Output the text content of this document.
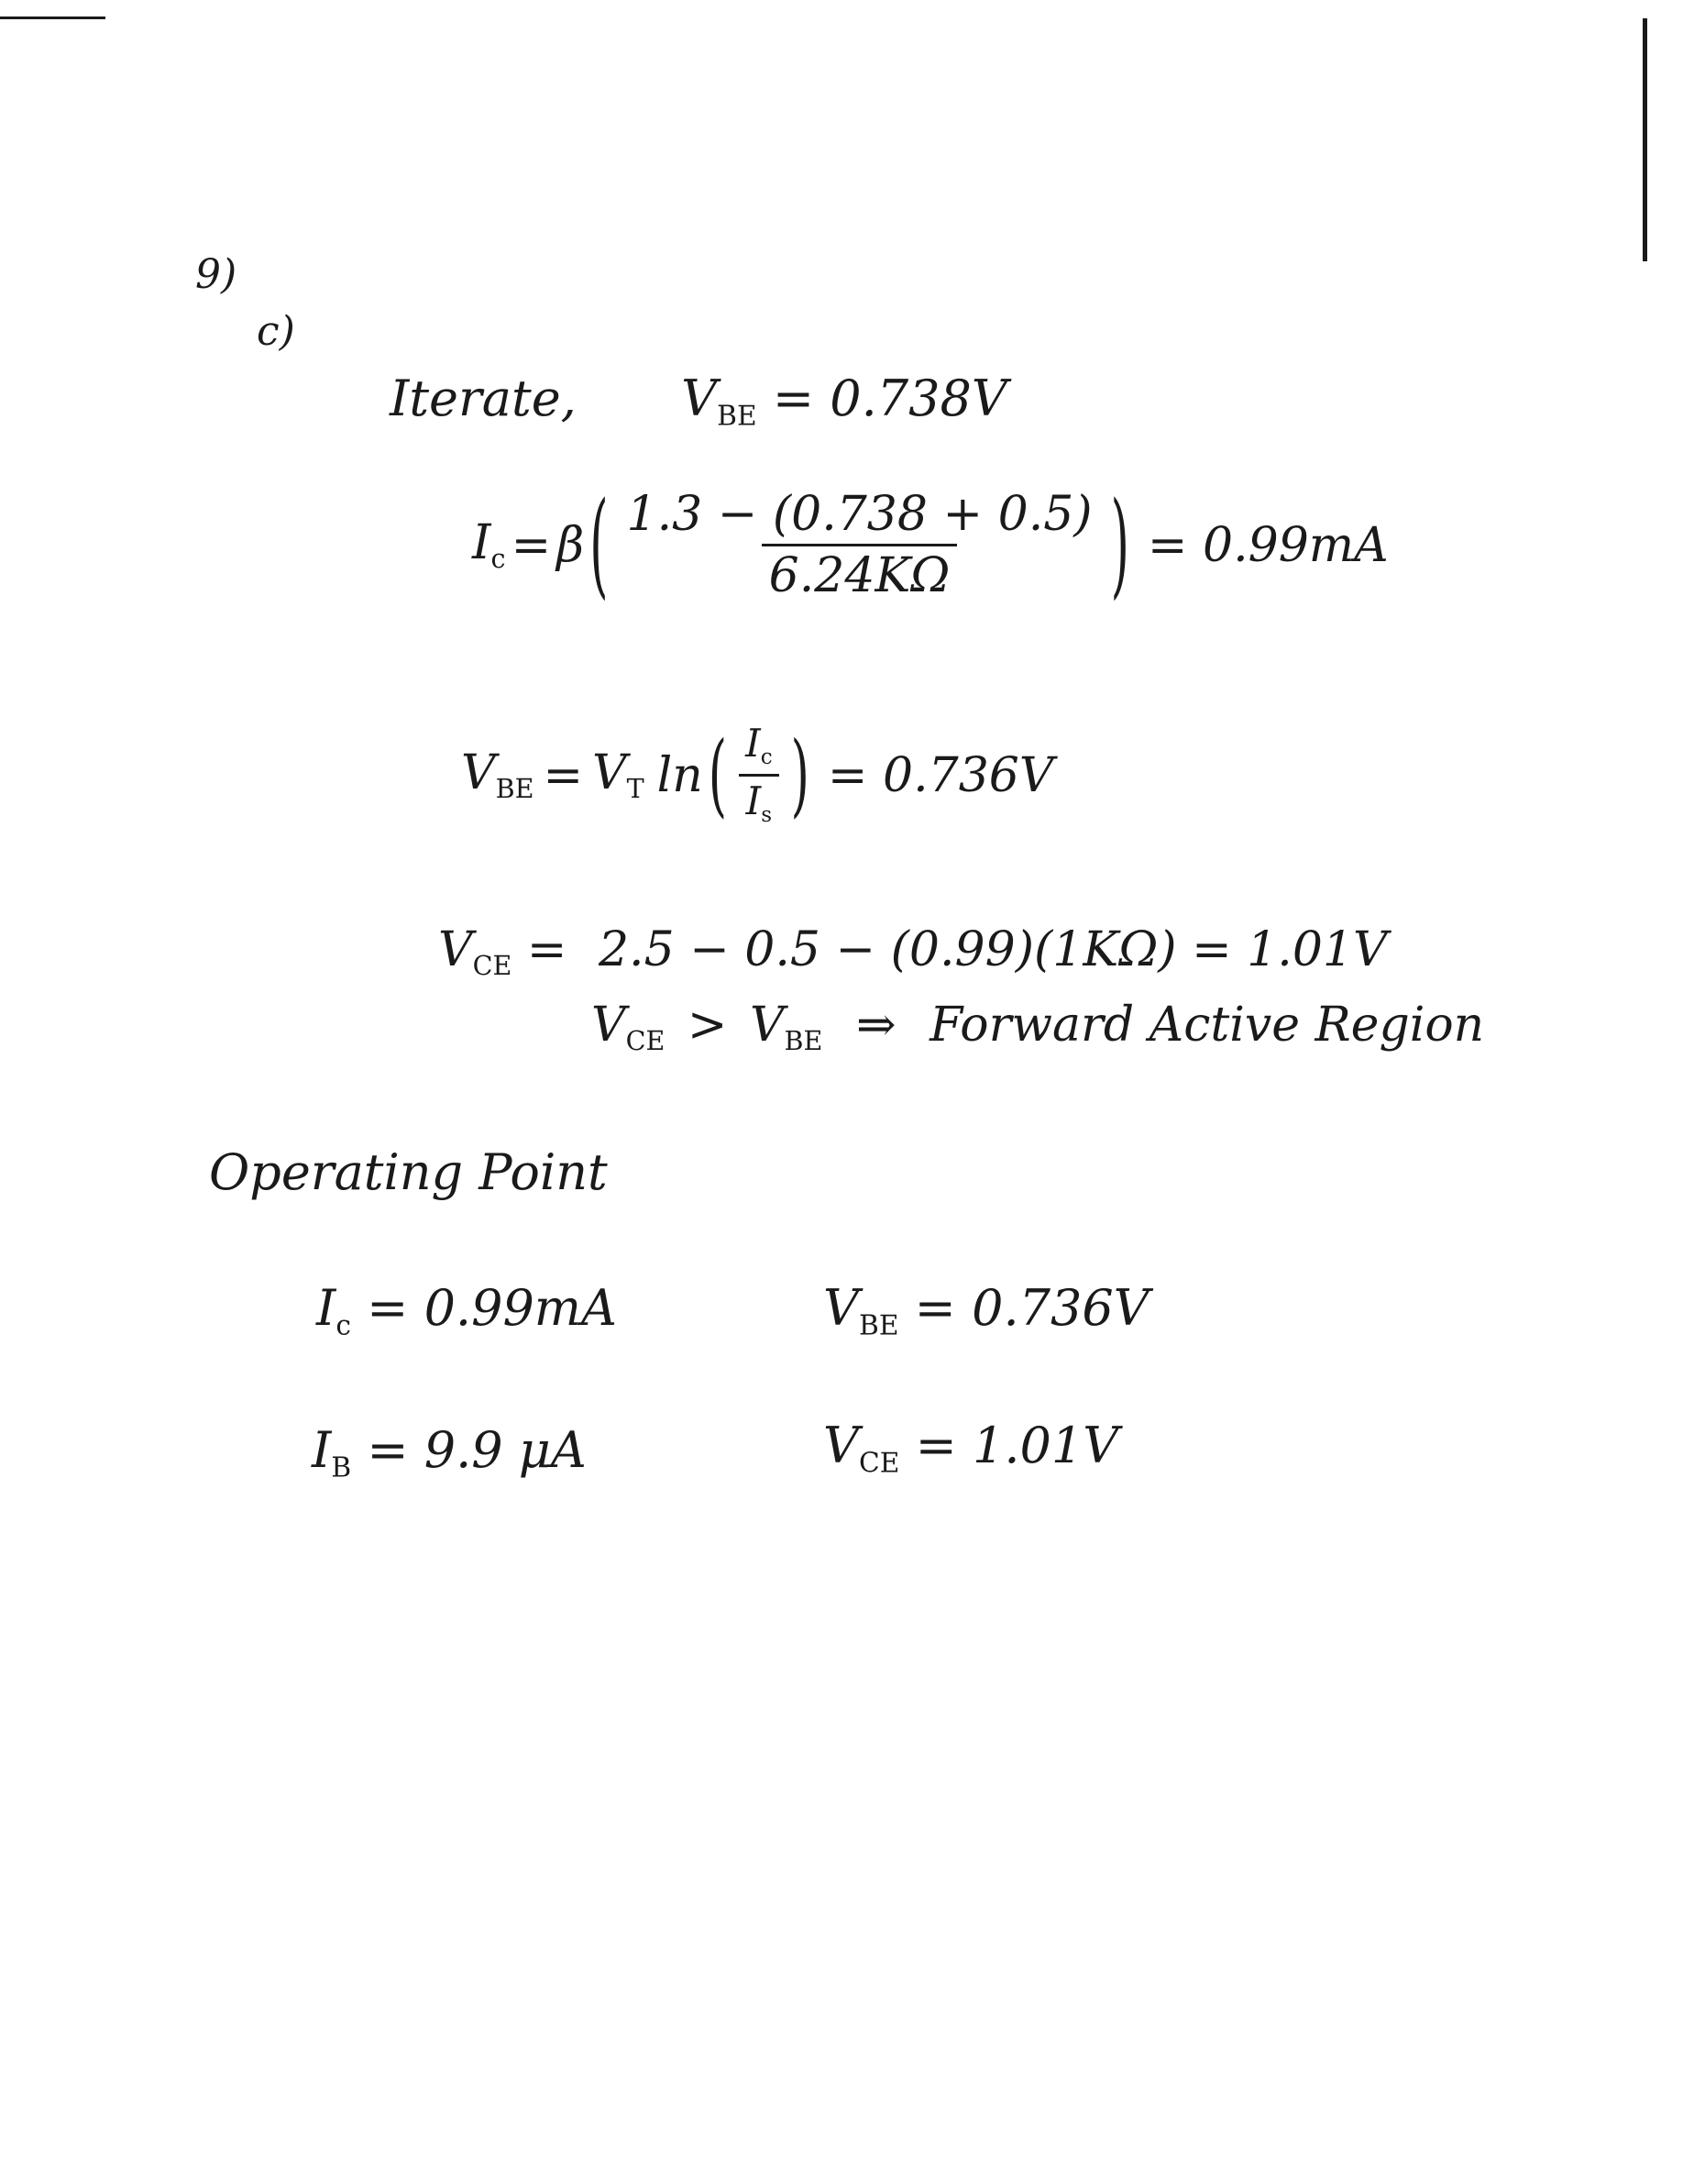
9)
c)
Iterate, $V_{BE} = 0.738V$
$I_c = \beta$ ( $\frac{1.3 - (0.738 + 0.5)}{6.24K\Omega}$ ) = 0.99mA
$V_{BE} = V_T$ ln ( $\frac{I_c}{I_s}$ ) = 0.736V
$V_{CE} = 2.5 - 0.5 - (0.99)(1K\Omega) = 1.01V$
$V_{CE} > V_{BE}$ ⇒ Forward Active Region
Operating Point
$I_c = 0.99mA$	$V_{BE} = 0.736V$
$I_B = 9.9$ μA	$V_{CE} = 1.01V$
